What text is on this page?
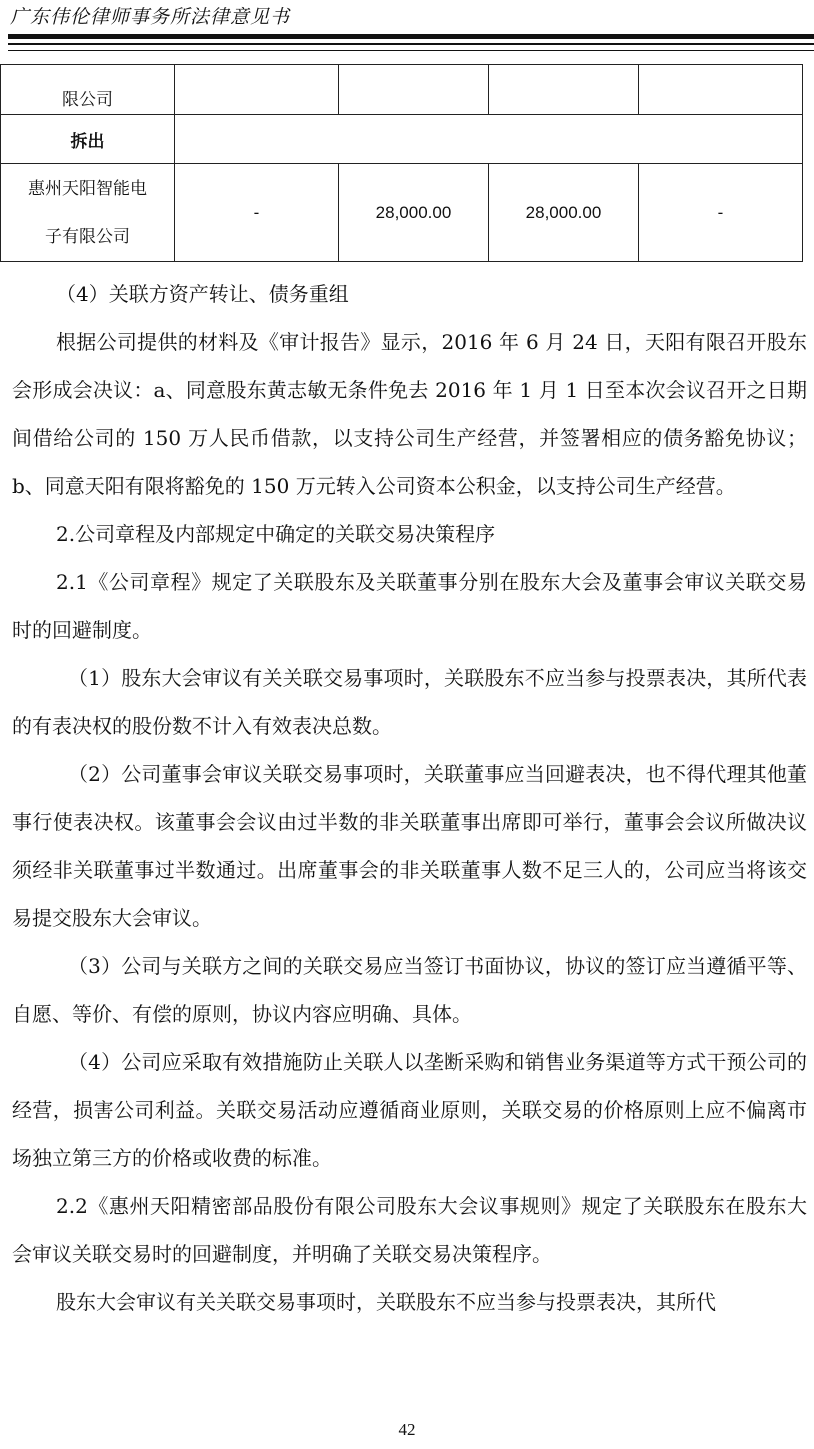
广东伟伦律师事务所法律意见书
限公司				
拆出				

惠州天阳智能电
子有限公司	-	28,000.00	28,000.00	-

（4）关联方资产转让、债务重组

根据公司提供的材料及《审计报告》显示，2016 年 6 月 24 日，天阳有限召开股东会形成会决议：a、同意股东黄志敏无条件免去 2016 年 1 月 1 日至本次会议召开之日期间借给公司的 150 万人民币借款，以支持公司生产经营，并签署相应的债务豁免协议；b、同意天阳有限将豁免的 150 万元转入公司资本公积金，以支持公司生产经营。

2.公司章程及内部规定中确定的关联交易决策程序

2.1《公司章程》规定了关联股东及关联董事分别在股东大会及董事会审议关联交易时的回避制度。

（1）股东大会审议有关关联交易事项时，关联股东不应当参与投票表决，其所代表的有表决权的股份数不计入有效表决总数。

（2）公司董事会审议关联交易事项时，关联董事应当回避表决，也不得代理其他董事行使表决权。该董事会会议由过半数的非关联董事出席即可举行，董事会会议所做决议须经非关联董事过半数通过。出席董事会的非关联董事人数不足三人的，公司应当将该交易提交股东大会审议。

（3）公司与关联方之间的关联交易应当签订书面协议，协议的签订应当遵循平等、自愿、等价、有偿的原则，协议内容应明确、具体。

（4）公司应采取有效措施防止关联人以垄断采购和销售业务渠道等方式干预公司的经营，损害公司利益。关联交易活动应遵循商业原则，关联交易的价格原则上应不偏离市场独立第三方的价格或收费的标准。

2.2《惠州天阳精密部品股份有限公司股东大会议事规则》规定了关联股东在股东大会审议关联交易时的回避制度，并明确了关联交易决策程序。

股东大会审议有关关联交易事项时，关联股东不应当参与投票表决，其所代

42
